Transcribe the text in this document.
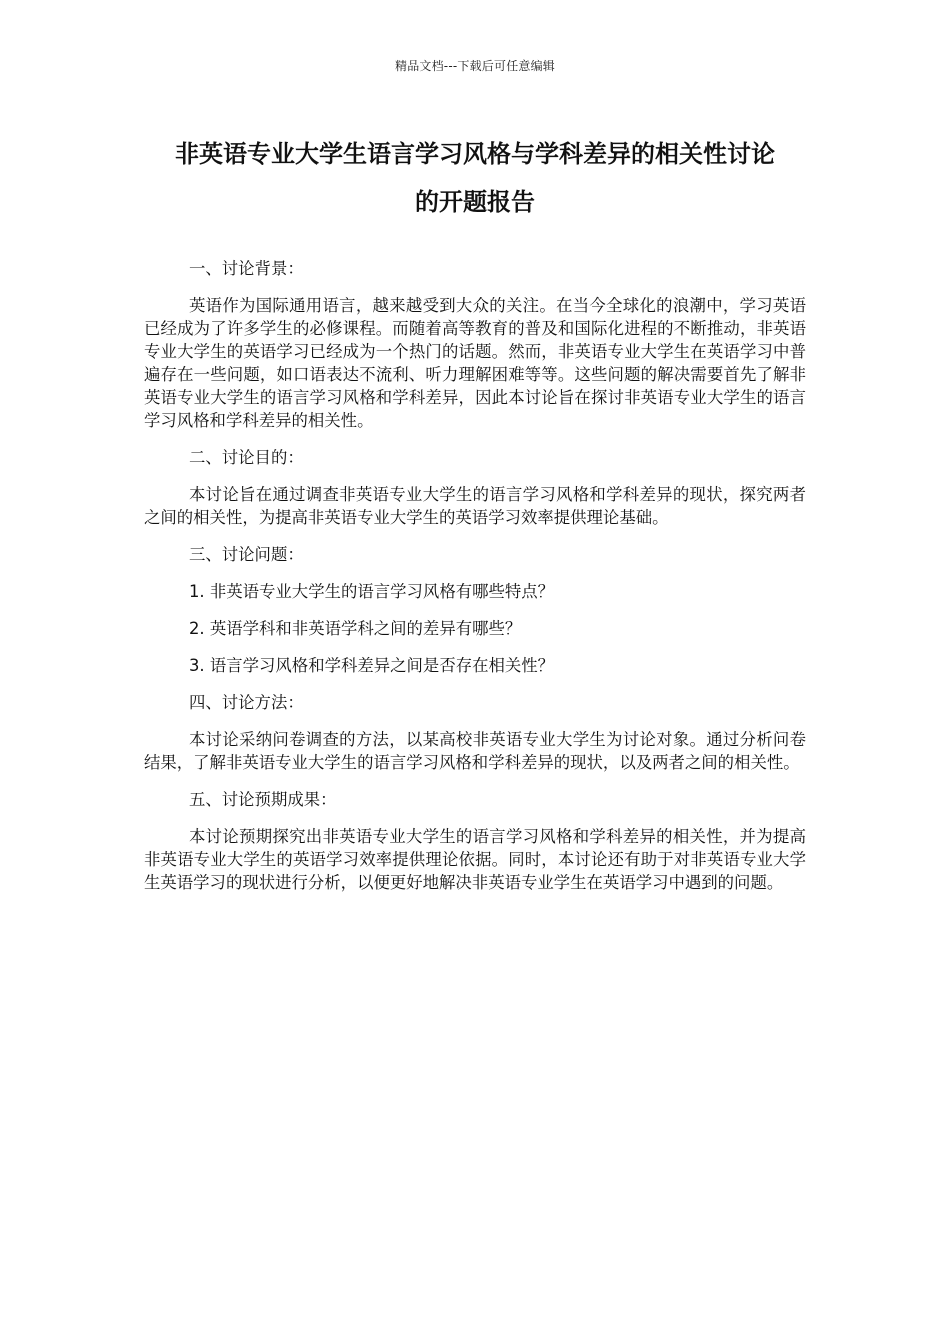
精品文档---下载后可任意编辑
非英语专业大学生语言学习风格与学科差异的相关性讨论
的开题报告

一、讨论背景：

英语作为国际通用语言，越来越受到大众的关注。在当今全球化的浪潮中，学习英语已经成为了许多学生的必修课程。而随着高等教育的普及和国际化进程的不断推动，非英语专业大学生的英语学习已经成为一个热门的话题。然而，非英语专业大学生在英语学习中普遍存在一些问题，如口语表达不流利、听力理解困难等等。这些问题的解决需要首先了解非英语专业大学生的语言学习风格和学科差异，因此本讨论旨在探讨非英语专业大学生的语言学习风格和学科差异的相关性。

二、讨论目的：

本讨论旨在通过调查非英语专业大学生的语言学习风格和学科差异的现状，探究两者之间的相关性，为提高非英语专业大学生的英语学习效率提供理论基础。

三、讨论问题：

1. 非英语专业大学生的语言学习风格有哪些特点？

2. 英语学科和非英语学科之间的差异有哪些？

3. 语言学习风格和学科差异之间是否存在相关性？

四、讨论方法：

本讨论采纳问卷调查的方法，以某高校非英语专业大学生为讨论对象。通过分析问卷结果，了解非英语专业大学生的语言学习风格和学科差异的现状，以及两者之间的相关性。

五、讨论预期成果：

本讨论预期探究出非英语专业大学生的语言学习风格和学科差异的相关性，并为提高非英语专业大学生的英语学习效率提供理论依据。同时，本讨论还有助于对非英语专业大学生英语学习的现状进行分析，以便更好地解决非英语专业学生在英语学习中遇到的问题。
